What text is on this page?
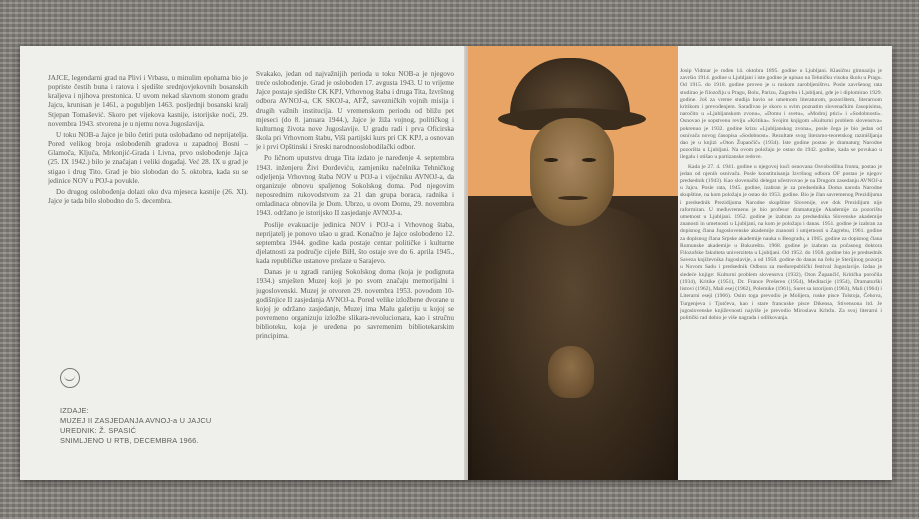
JAJCE, legendarni grad na Plivi i Vrbasu, u minulim epohama bio je popriste čestih buna i ratova i sjedište srednjovjekovnih bosanskih kraljeva i njihova prestonica. U uvom nekad slavnom stonom gradu Jajcu, krunisan je 1461, a pogubljen 1463. posljednji bosanski kralj Stjepan Tomašević. Skoro pet vijekova kasnije, istorijske noći, 29. novembra 1943. stvorena je u njemu nova Jugoslavija.

U toku NOB-a Jajce je bilo četiri puta oslobađano od neprijatelja. Pored velikog broja oslobođenih gradova u zapadnoj Bosni – Glamoča, Ključa, Mrkonjić-Grada i Livna, prvo oslobođenje Jajca (25. IX 1942.) bilo je značajan i veliki događaj. Već 28. IX u grad je stigao i drug Tito. Grad je bio slobodan do 5. oktobra, kada su se jedinice NOV u POJ-a povukle.

Do drugog oslobođenja dolazi oko dva mjeseca kasnije (26. XI). Jajce je tada bilo slobodno do 5. decembra.

IZDAJE:
MUZEJ II ZASJEDANJA AVNOJ-a U JAJCU
UREDNIK: Ž. SPASIĆ
SNIMLJENO U RTB, DECEMBRA 1966.

Svakako, jedan od najvažnijih perioda u toku NOB-a je njegovo treće oslobođenje. Grad je oslobođen 17. avgusta 1943. U to vrijeme Jajce postaje sjedište CK KPJ, Vrhovnog štaba i druga Tita, Izvršnog odbora AVNOJ-a, CK SKOJ-a, AFŽ, savezničkih vojnih misija i drugih važnih institucija. U vremenskom periodu od bližu pet mjeseci (do 8. januara 1944.), Jajce je žiža vojnog, političkog i kulturnog života nove Jugoslavije. U gradu radi i prva Oficirska škola pri Vrhovnom štabu, Viši partijski kurs pri CK KPJ, a osnovan je i prvi Opštinski i Sreski narodnooslobodilački odbor.

Po ličnom uputstvu druga Tita izdato je naređenje 4. septembra 1943. inženjeru Živi Đorđeviću, zamjeniku načelnika Tehničkog odjeljenja Vrhovnog štaba NOV u POJ-a i vijećniku AVNOJ-a, da organizuje obnovu spaljenog Sokolskog doma. Pod njegovim neposrednim rukovodstvom za 21 dan grupa boraca, radnika i omladinaca obnovila je Dom. Ubrzo, u ovom Domu, 29. novembra 1943. održano je istorijsko II zasjedanje AVNOJ-a.

Poslije evakuacije jedinica NOV i POJ-a i Vrhovnog štaba, neprijatelj je ponovo ušao u grad. Konačno je Jajce oslobođeno 12. septembra 1944. godine kada postaje centar političke i kulturne djelatnosti za područje cijele BiH, što ostaje sve do 6. aprila 1945., kada republičke ustanove prelaze u Sarajevo.

Danas je u zgradi ranijeg Sokolskog doma (koja je podignuta 1934.) smješten Muzej koji je po svom značaju memorijalni i jugoslovenski. Muzej je otvoren 29. novembra 1953. povodom 10-godišnjice II zasjedanja AVNOJ-a. Pored velike izložbene dvorane u kojoj je održano zasjedanje, Muzej ima Malu galeriju u kojoj se povremeno organizuju izložbe slikara-revolucionara, kao i stručnu biblioteku, koja je uređena po savremenim bibliotekarskim principima.

Josip Vidmar je rođen 14. oktobra 1895. godine u Ljubljani. Klasičnu gimnaziju je završio 1914. godine u Ljubljani i iste godine je upisao na Tehničku visoku školu u Pragu. Od 1915. do 1918. godine proveo je u ruskom zarobljeništvu. Posle završenog rata studirao je filozofiju u Pragu, Bolu, Parizu, Zagrebu i Ljubljani, gde je i diplomirao 1929. godine. Još za vreme studija bavio se umetnom literaturom, pozorištem, literarnom kritikom i prevođenjem. Sarađivao je skoro u svim poznatim slovenačkim časopisima, naročito u «Ljubljanskom zvonu», «Domu i svetu», «Modroj ptici» i «Sodobnosti». Osnovao je sopstvenu reviju «Kritika». Svojim knjigom «Kulturni problem slovenstva» pokrenuo je 1932. godine krizu «Ljubljanskog zvona», posle čega je bio jedan od osnivača novog časopisa «Sodobnost». Rezultate svog literarno-teoretskog razmišljanja dao je u knjizi «Oton Župančič» (1934). Iste godine postao je dramaturg Narodne pozorišta u Ljubljani. Na ovom položaju je ostao do 1942. godine, kada se povukao u ilegalu i otišao u partizanske redove.

Kada je 27. 4. 1941. godine u njegovoj kući osnovana Osvobodilna fronta, postao je jedan od njenih osnivača. Posle konstituisanja Izvršnog odbora OF postao je njegov predsednik (1943). Kao slovenački delegat učestvovao je na Drugom zasedanju AVNOJ-a u Jajcu. Posle rata, 1945. godine, izabran je za predsednika Doma naroda Narodne skupštine, na kom položaju je ostao do 1953. godine. Bio je član savremenog Prezidijuma i predsednik Prezidijuma Narodne skupštine Slovenije, sve dok Prezidijum nije raformiran. U međuvremenu je bio profesor dramaturgije Akademije za pozorištu umetnost u Ljubljani. 1952. godine je izabran za predsednika Slovenske akademije znanosti in umetnosti u Ljubljani, na kom je položaju i danas. 1951. godine je izabran za dopisnog člana Jugoslovenske akademije znanosti i umjetnosti u Zagrebu, 1961. godine za dopisnog člana Srpske akademije nauka u Beogradu, a 1965. godine za dopisnog člana Rumunske akademije u Bukureštu. 1968. godine je izabran za počasnog doktora Filozofske fakulteta univerziteta u Ljubljani. Od 1952. do 1958. godine bio je predsednik Saveza književnika Jugoslavije, a od 1958. godine do danas na čelu je Sterijinog pozorja u Novom Sadu i predsednik Odbora za međurepublički festival Jugoslavije. Izdao je sledeće knjige: Kulturni problem slovenstva (1932), Oton Župančič, Kritička poročila (1934), Kritike (1951), Dr. France Prešeren (1954), Meditacije (1954), Dramaturški listovi (1962), Mali esej (1962), Polemike (1961), Suret sa istorijom (1963), Mali (1964) i Literarni eseji (1966). Osim toga prevodio je Molijera, ruske pisce Tolstoja, Čehova, Turgenjeva i Tjutčeva, kao i stare francuske pisce Dikensa, Stivensona itd. Je jugoslovenske književnosti najviše je prevodio Miroslava Krležu. Za svoj literarni i politički rad dobio je više nagrada i odlikovanja.
